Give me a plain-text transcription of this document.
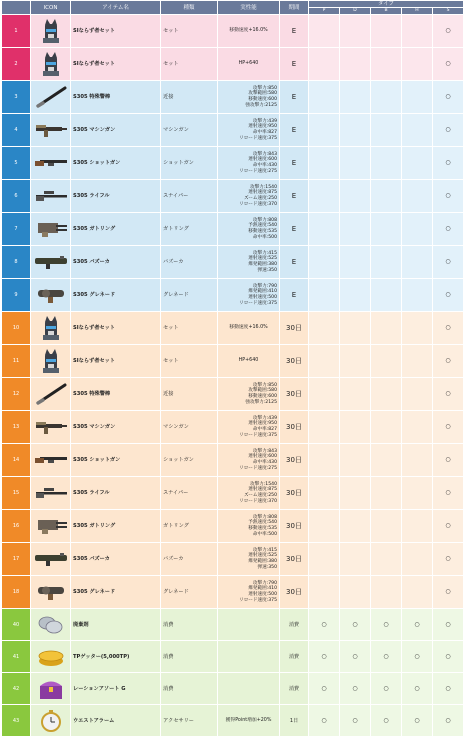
	ICON	アイテム名	種類	実性能	期間	タイプ				
						P	D	B	H	S
1		SIならず者セット	セット	移動速度+16.0%	E					○
2		SIならず者セット	セット	HP+640	E					○
3		S305 特殊警棒	近接	攻撃力:850
攻撃範囲:580
移動速度:600
強攻撃力:2125	E					○
4		S305 マシンガン	マシンガン	攻撃力:439
連射速度:950
命中率:827
リロード速度:375	E					○
5		S305 ショットガン	ショットガン	攻撃力:843
連射速度:600
命中率:430
リロード速度:275	E					○
6		S305 ライフル	スナイパー	攻撃力:1540
連射速度:875
ズーム速度:250
リロード速度:370	E					○
7		S305 ガトリング	ガトリング	攻撃力:808
予熱速度:540
移動速度:535
命中率:500	E					○
8		S305 バズーカ	バズーカ	攻撃力:415
連射速度:525
爆発範囲:380
弾速:350	E					○
9		S305 グレネード	グレネード	攻撃力:790
爆発範囲:410
連射速度:500
リロード速度:375	E					○
10		SIならず者セット	セット	移動速度+16.0%	30日					○
11		SIならず者セット	セット	HP+640	30日					○
12		S305 特殊警棒	近接	攻撃力:850
攻撃範囲:580
移動速度:600
強攻撃力:2125	30日					○
13		S305 マシンガン	マシンガン	攻撃力:439
連射速度:950
命中率:827
リロード速度:375	30日					○
14		S305 ショットガン	ショットガン	攻撃力:843
連射速度:600
命中率:430
リロード速度:275	30日					○
15		S305 ライフル	スナイパー	攻撃力:1540
連射速度:875
ズーム速度:250
リロード速度:370	30日					○
16		S305 ガトリング	ガトリング	攻撃力:808
予熱速度:540
移動速度:535
命中率:500	30日					○
17		S305 バズーカ	バズーカ	攻撃力:415
連射速度:525
爆発範囲:380
弾速:350	30日					○
18		S305 グレネード	グレネード	攻撃力:790
爆発範囲:410
連射速度:500
リロード速度:375	30日					○
40		廃棄剤	消費		消費	○	○	○	○	○
41		TPゲッター(5,000TP)	消費		消費	○	○	○	○	○
42		レーションアソート G	消費		消費	○	○	○	○	○
43		ウエストアラーム	アクセサリー	獲得Point増加+20%	1日	○	○	○	○	○
